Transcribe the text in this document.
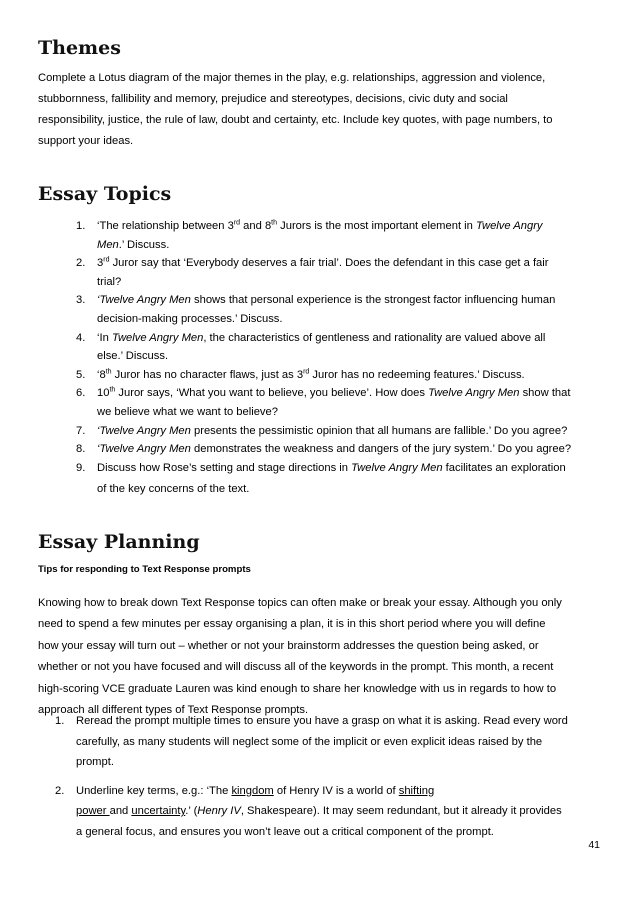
Themes

Complete a Lotus diagram of the major themes in the play, e.g. relationships, aggression and violence,
stubbornness, fallibility and memory, prejudice and stereotypes, decisions, civic duty and social
responsibility, justice, the rule of law, doubt and certainty, etc. Include key quotes, with page numbers, to
support your ideas.

Essay Topics
1. ‘The relationship between 3rd and 8th Jurors is the most important element in Twelve Angry
Men.’ Discuss.
2. 3rd Juror say that ‘Everybody deserves a fair trial’. Does the defendant in this case get a fair
trial?
3. ‘Twelve Angry Men shows that personal experience is the strongest factor influencing human
decision-making processes.’ Discuss.
4. ‘In Twelve Angry Men, the characteristics of gentleness and rationality are valued above all
else.’ Discuss.
5. ‘8th Juror has no character flaws, just as 3rd Juror has no redeeming features.’ Discuss.
6. 10th Juror says, ‘What you want to believe, you believe’. How does Twelve Angry Men show that
we believe what we want to believe?
7. ‘Twelve Angry Men presents the pessimistic opinion that all humans are fallible.’ Do you agree?
8. ‘Twelve Angry Men demonstrates the weakness and dangers of the jury system.’ Do you agree?
9. Discuss how Rose’s setting and stage directions in Twelve Angry Men facilitates an exploration
of the key concerns of the text.
Essay Planning

Tips for responding to Text Response prompts

Knowing how to break down Text Response topics can often make or break your essay. Although you only
need to spend a few minutes per essay organising a plan, it is in this short period where you will define
how your essay will turn out – whether or not your brainstorm addresses the question being asked, or
whether or not you have focused and will discuss all of the keywords in the prompt. This month, a recent
high-scoring VCE graduate Lauren was kind enough to share her knowledge with us in regards to how to
approach all different types of Text Response prompts.

1. Reread the prompt multiple times to ensure you have a grasp on what it is asking. Read every word
carefully, as many students will neglect some of the implicit or even explicit ideas raised by the
prompt.
2. Underline key terms, e.g.: ‘The kingdom of Henry IV is a world of shifting
power and uncertainty.’ (Henry IV, Shakespeare). It may seem redundant, but it already it provides
a general focus, and ensures you won’t leave out a critical component of the prompt.
41
